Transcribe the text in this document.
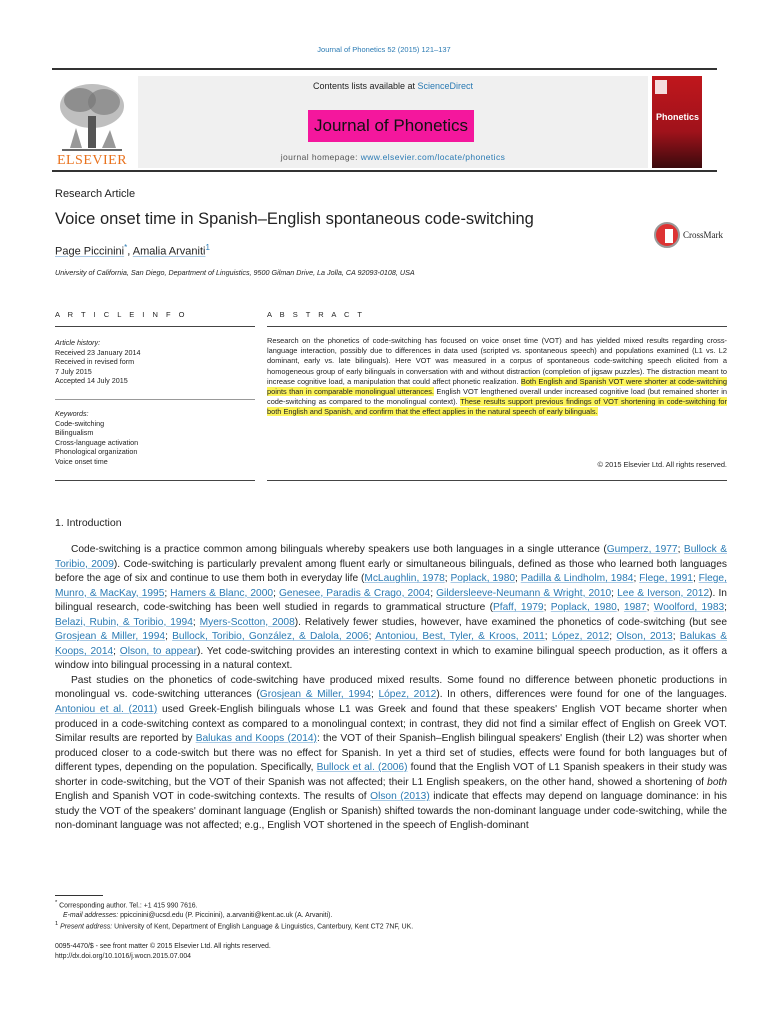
Journal of Phonetics 52 (2015) 121–137
ELSEVIER
Contents lists available at ScienceDirect
Journal of Phonetics
journal homepage: www.elsevier.com/locate/phonetics
Phonetics
Research Article
Voice onset time in Spanish–English spontaneous code-switching
Page Piccinini*, Amalia Arvaniti$^1$
University of California, San Diego, Department of Linguistics, 9500 Gilman Drive, La Jolla, CA 92093-0108, USA
CrossMark
A R T I C L E I N F O	A B S T R A C T
Article history:
Received 23 January 2014
Received in revised form
7 July 2015
Accepted 14 July 2015
Keywords:
Code-switching
Bilingualism
Cross-language activation
Phonological organization
Voice onset time
Research on the phonetics of code-switching has focused on voice onset time (VOT) and has yielded mixed results regarding cross-language interaction, possibly due to differences in data used (scripted vs. spontaneous speech) and populations examined (L1 vs. L2 dominant, early vs. late bilinguals). Here VOT was measured in a corpus of spontaneous code-switching speech elicited from a homogeneous group of early bilinguals in conversation with and without distraction (completion of jigsaw puzzles). The distraction meant to increase cognitive load, a manipulation that could affect phonetic realization. Both English and Spanish VOT were shorter at code-switching points than in comparable monolingual utterances. English VOT lengthened overall under increased cognitive load (but remained shorter in code-switching as compared to the monolingual context). These results support previous findings of VOT shortening in code-switching for both English and Spanish, and confirm that the effect applies in the natural speech of early bilinguals.
© 2015 Elsevier Ltd. All rights reserved.
1. Introduction

Code-switching is a practice common among bilinguals whereby speakers use both languages in a single utterance (Gumperz, 1977; Bullock & Toribio, 2009). Code-switching is particularly prevalent among fluent early or simultaneous bilinguals, defined as those who learned both languages before the age of six and continue to use them both in everyday life (McLaughlin, 1978; Poplack, 1980; Padilla & Lindholm, 1984; Flege, 1991; Flege, Munro, & MacKay, 1995; Hamers & Blanc, 2000; Genesee, Paradis & Crago, 2004; Gildersleeve-Neumann & Wright, 2010; Lee & Iverson, 2012). In bilingual research, code-switching has been well studied in regards to grammatical structure (Pfaff, 1979; Poplack, 1980, 1987; Woolford, 1983; Belazi, Rubin, & Toribio, 1994; Myers-Scotton, 2008). Relatively fewer studies, however, have examined the phonetics of code-switching (but see Grosjean & Miller, 1994; Bullock, Toribio, González, & Dalola, 2006; Antoniou, Best, Tyler, & Kroos, 2011; López, 2012; Olson, 2013; Balukas & Koops, 2014; Olson, to appear). Yet code-switching provides an interesting context in which to examine bilingual speech production, as it offers a window into bilingual processing in a natural context.

Past studies on the phonetics of code-switching have produced mixed results. Some found no difference between phonetic productions in monolingual vs. code-switching utterances (Grosjean & Miller, 1994; López, 2012). In others, differences were found for one of the languages. Antoniou et al. (2011) used Greek-English bilinguals whose L1 was Greek and found that these speakers' English VOT became shorter when produced in a code-switching context as compared to a monolingual context; in contrast, they did not find a similar effect of English on Greek VOT. Similar results are reported by Balukas and Koops (2014): the VOT of their Spanish–English bilingual speakers' English (their L2) was shorter when produced closer to a code-switch but there was no effect for Spanish. In yet a third set of studies, effects were found for both languages but of different types, depending on the population. Specifically, Bullock et al. (2006) found that the English VOT of L1 Spanish speakers in their study was shorter in code-switching, but the VOT of their Spanish was not affected; their L1 English speakers, on the other hand, showed a shortening of both English and Spanish VOT in code-switching contexts. The results of Olson (2013) indicate that effects may depend on language dominance: in his study the VOT of the speakers' dominant language (English or Spanish) shifted towards the non-dominant language under code-switching, while the non-dominant language was not affected; e.g., English VOT shortened in the speech of English-dominant

* Corresponding author. Tel.: +1 415 990 7616.
E-mail addresses: ppiccinini@ucsd.edu (P. Piccinini), a.arvaniti@kent.ac.uk (A. Arvaniti).
$^1$ Present address: University of Kent, Department of English Language & Linguistics, Canterbury, Kent CT2 7NF, UK.
0095-4470/$ - see front matter © 2015 Elsevier Ltd. All rights reserved.
http://dx.doi.org/10.1016/j.wocn.2015.07.004
